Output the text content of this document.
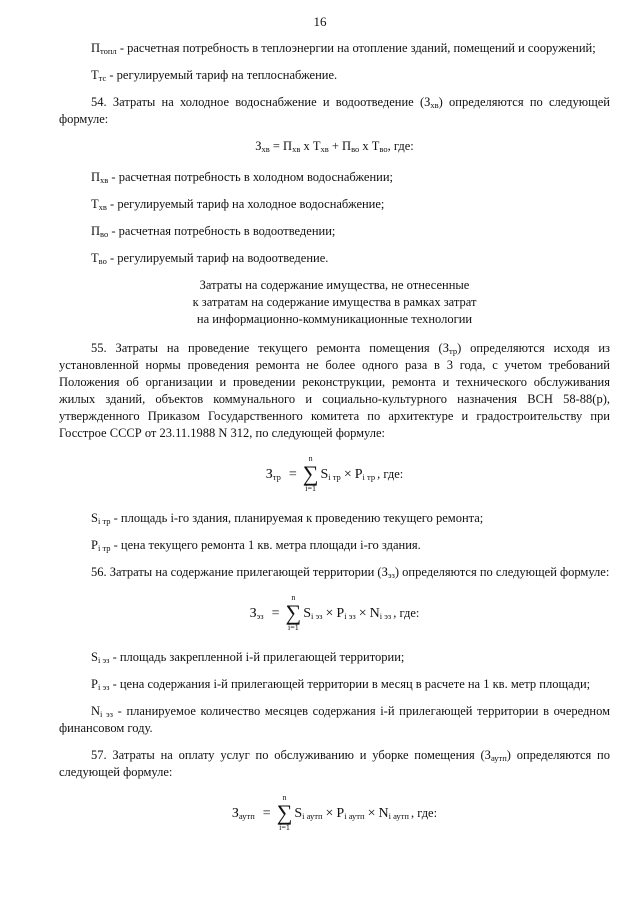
16

$П_{топл}$ - расчетная потребность в теплоэнергии на отопление зданий, помещений и сооружений;

$Т_{тс}$ - регулируемый тариф на теплоснабжение.

54. Затраты на холодное водоснабжение и водоотведение $(З_{хв})$ определяются по следующей формуле:

$З_{хв} = П_{хв}$ х $Т_{хв} + П_{во}$ х $Т_{во}$, где:

$П_{хв}$ - расчетная потребность в холодном водоснабжении;

$Т_{хв}$ - регулируемый тариф на холодное водоснабжение;

$П_{во}$ - расчетная потребность в водоотведении;

$Т_{во}$ - регулируемый тариф на водоотведение.

Затраты на содержание имущества, не отнесенные
к затратам на содержание имущества в рамках затрат
на информационно-коммуникационные технологии

55. Затраты на проведение текущего ремонта помещения $(З_{тр})$ определяются исходя из установленной нормы проведения ремонта не более одного раза в 3 года, с учетом требований Положения об организации и проведении реконструкции, ремонта и технического обслуживания жилых зданий, объектов коммунального и социально-культурного назначения ВСН 58-88(р), утвержденного Приказом Государственного комитета по архитектуре и градостроительству при Госстрое СССР от 23.11.1988 N 312, по следующей формуле:

$З_{тр}$ =
n
∑
i=1
$S_{i тр} \times P_{i тр}$ , где:

$S_{i тр}$ - площадь i-го здания, планируемая к проведению текущего ремонта;

$P_{i тр}$ - цена текущего ремонта 1 кв. метра площади i-го здания.

56. Затраты на содержание прилегающей территории $(З_{эз})$ определяются по следующей формуле:

$З_{эз}$ =
n
∑
i=1
$S_{i эз} \times P_{i эз} \times N_{i эз}$ , где:

$S_{i эз}$ - площадь закрепленной i-й прилегающей территории;

$P_{i эз}$ - цена содержания i-й прилегающей территории в месяц в расчете на 1 кв. метр площади;

$N_{i эз}$ - планируемое количество месяцев содержания i-й прилегающей территории в очередном финансовом году.

57. Затраты на оплату услуг по обслуживанию и уборке помещения $(З_{аутп})$ определяются по следующей формуле:

$З_{аутп}$ =
n
∑
i=1
$S_{i аутп} \times P_{i аутп} \times N_{i аутп}$ , где:
